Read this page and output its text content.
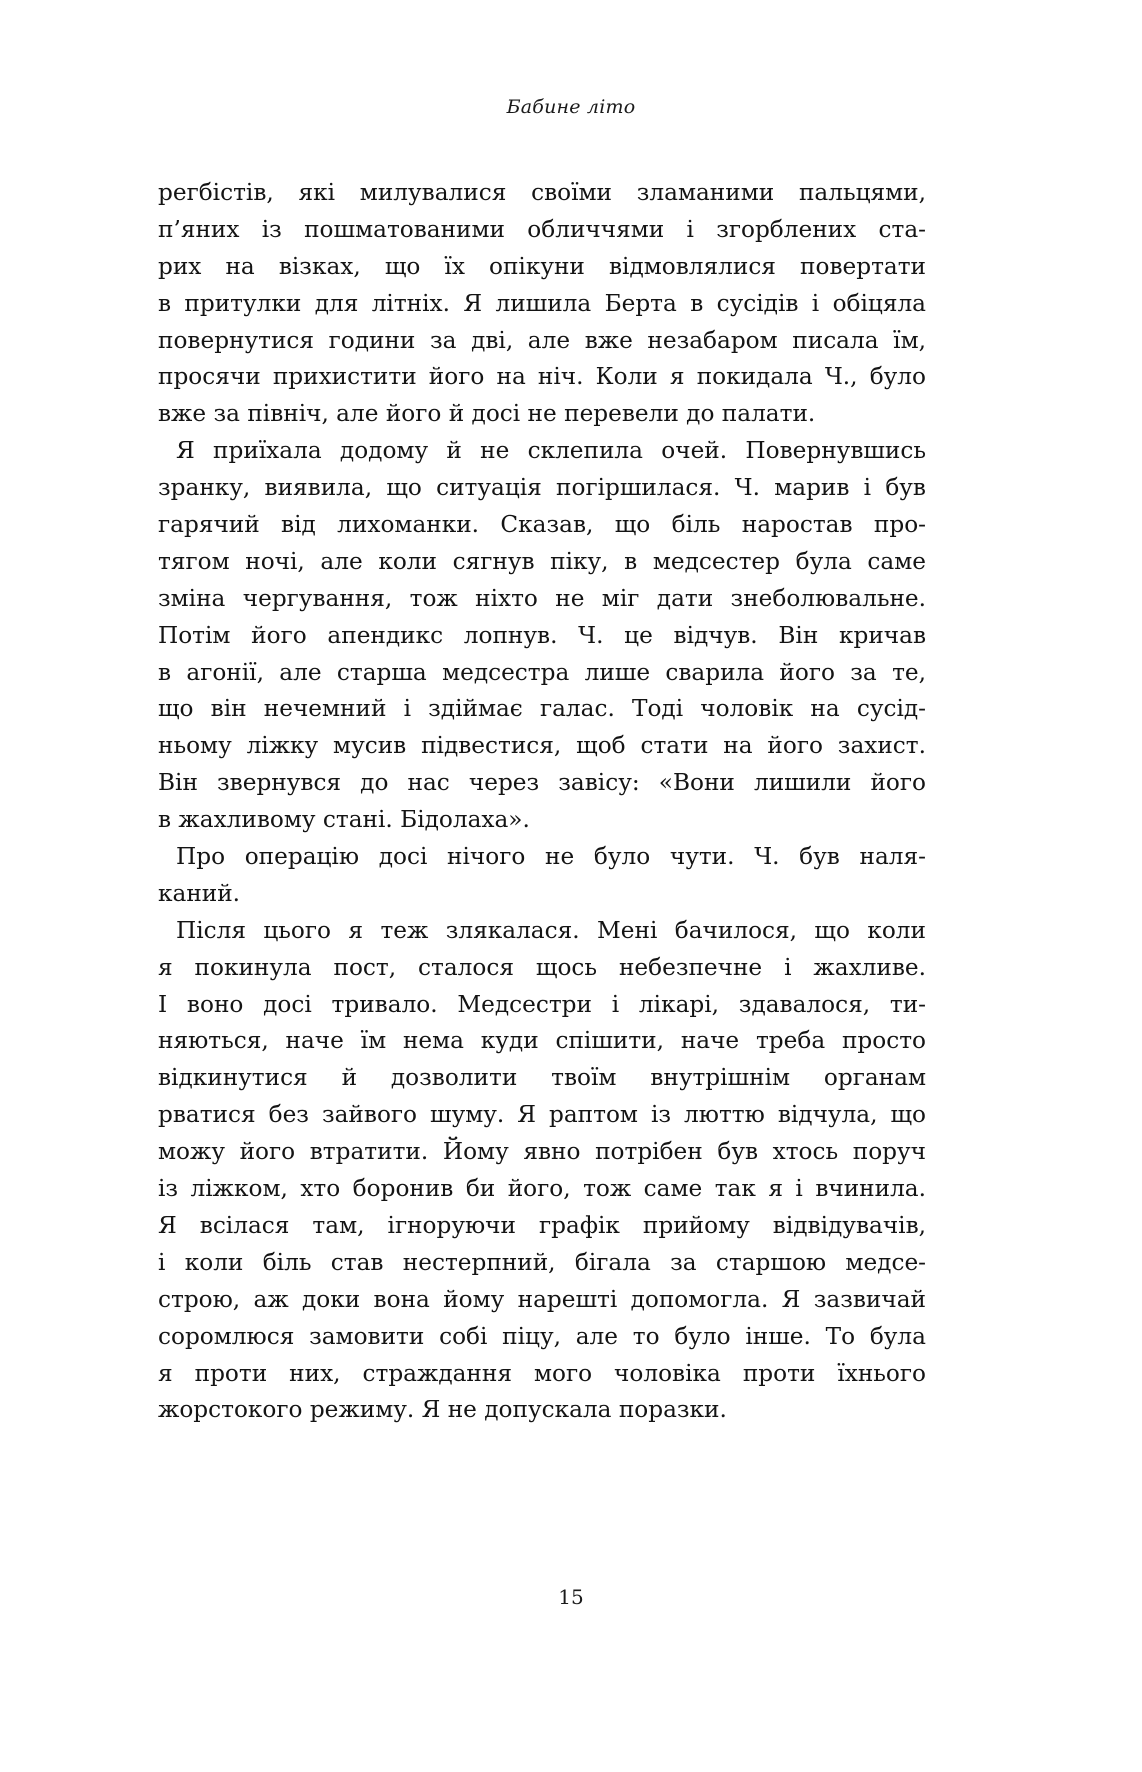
Бабине літо
регбістів, які милувалися своїми зламаними пальцями,
п’яних із пошматованими обличчями і згорблених ста-
рих на візках, що їх опікуни відмовлялися повертати
в притулки для літніх. Я лишила Берта в сусідів і обіцяла
повернутися години за дві, але вже незабаром писала їм,
просячи прихистити його на ніч. Коли я покидала Ч., було
вже за північ, але його й досі не перевели до палати.
Я приїхала додому й не склепила очей. Повернувшись
зранку, виявила, що ситуація погіршилася. Ч. марив і був
гарячий від лихоманки. Сказав, що біль наростав про-
тягом ночі, але коли сягнув піку, в медсестер була саме
зміна чергування, тож ніхто не міг дати знеболювальне.
Потім його апендикс лопнув. Ч. це відчув. Він кричав
в агонії, але старша медсестра лише сварила його за те,
що він нечемний і здіймає галас. Тоді чоловік на сусід-
ньому ліжку мусив підвестися, щоб стати на його захист.
Він звернувся до нас через завісу: «Вони лишили його
в жахливому стані. Бідолаха».
Про операцію досі нічого не було чути. Ч. був наля-
каний.
Після цього я теж злякалася. Мені бачилося, що коли
я покинула пост, сталося щось небезпечне і жахливе.
І воно досі тривало. Медсестри і лікарі, здавалося, ти-
няються, наче їм нема куди спішити, наче треба просто
відкинутися й дозволити твоїм внутрішнім органам
рватися без зайвого шуму. Я раптом із люттю відчула, що
можу його втратити. Йому явно потрібен був хтось поруч
із ліжком, хто боронив би його, тож саме так я і вчинила.
Я всілася там, ігноруючи графік прийому відвідувачів,
і коли біль став нестерпний, бігала за старшою медсе-
строю, аж доки вона йому нарешті допомогла. Я зазвичай
соромлюся замовити собі піцу, але то було інше. То була
я проти них, страждання мого чоловіка проти їхнього
жорстокого режиму. Я не допускала поразки.
15
